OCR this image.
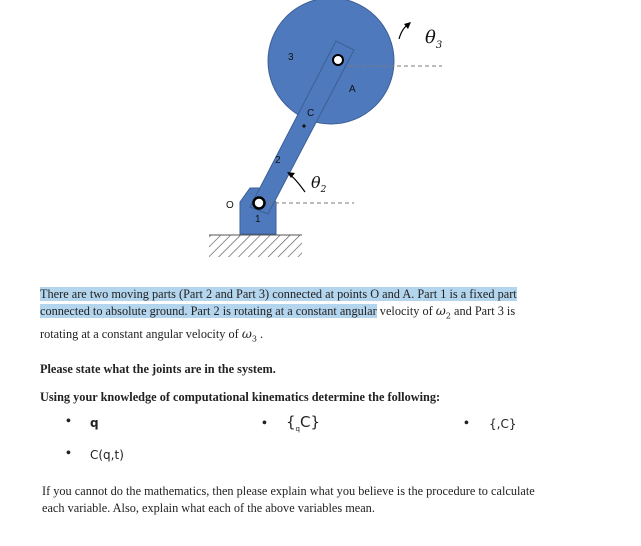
3
A
C
2
1
O
$\theta_2$
$\theta_3$
There are two moving parts (Part 2 and Part 3) connected at points O and A. Part 1 is a fixed part
connected to absolute ground. Part 2 is rotating at a constant angular velocity of $\omega_2$ and Part 3 is
rotating at a constant angular velocity of $\omega_3$ .
Please state what the joints are in the system.
Using your knowledge of computational kinematics determine the following:
• q	• $\{_qC\}$	• {,C}
• C(q,t)
If you cannot do the mathematics, then please explain what you believe is the procedure to calculate
each variable. Also, explain what each of the above variables mean.
